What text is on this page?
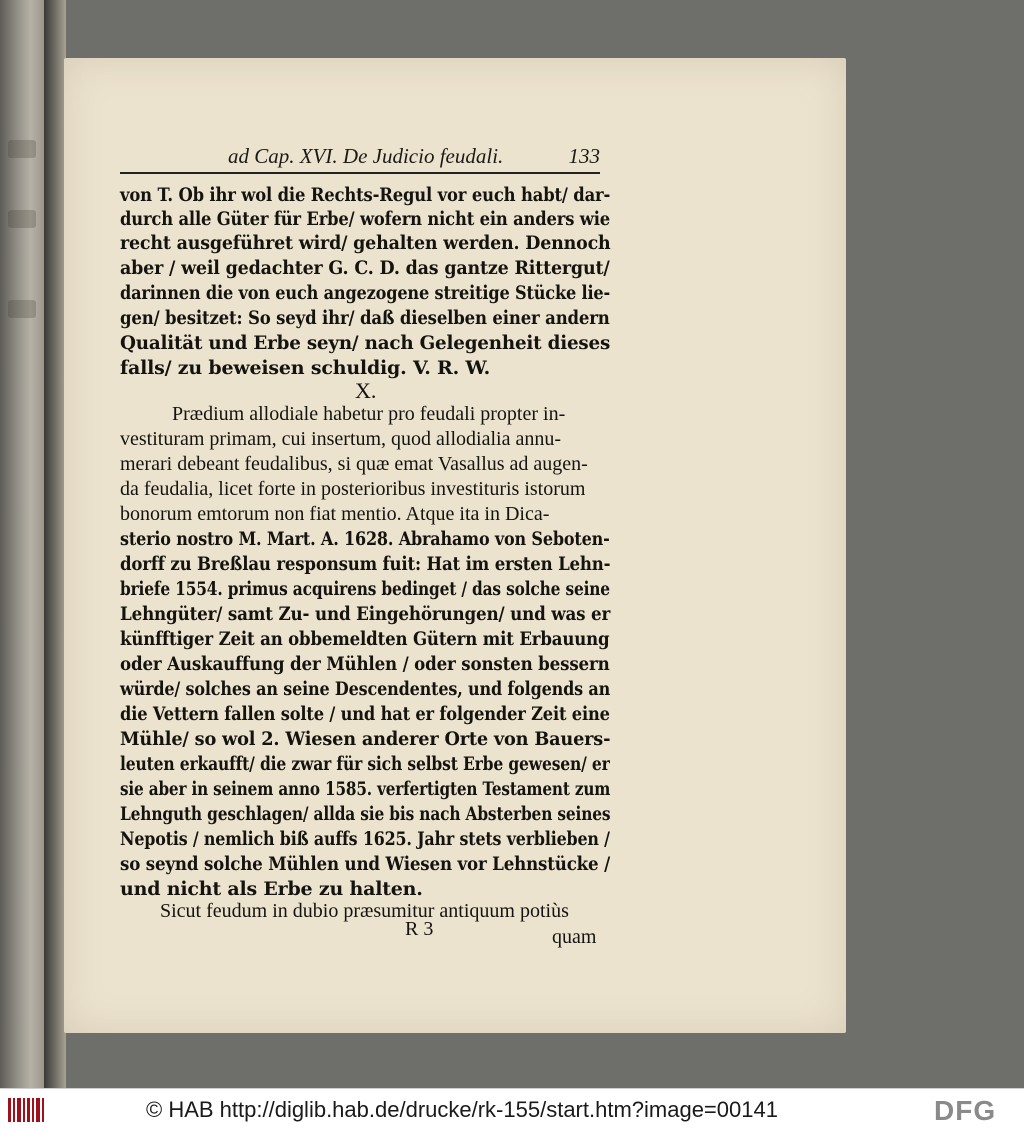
ad Cap. XVI. De Judicio feudali.	133
von T. Ob ihr wol die Rechts-Regul vor euch habt/ dar-
durch alle Güter für Erbe/ wofern nicht ein anders wie
recht ausgeführet wird/ gehalten werden. Dennoch
aber / weil gedachter G. C. D. das gantze Rittergut/
darinnen die von euch angezogene streitige Stücke lie-
gen/ besitzet: So seyd ihr/ daß dieselben einer andern
Qualität und Erbe seyn/ nach Gelegenheit dieses
falls/ zu beweisen schuldig. V. R. W.
Prædium allodiale habetur pro feudali propter in-
vestituram primam, cui insertum, quod allodialia annu-
merari debeant feudalibus, si quæ emat Vasallus ad augen-
da feudalia, licet forte in posterioribus investituris istorum
bonorum emtorum non fiat mentio. Atque ita in Dica-
sterio nostro M. Mart. A. 1628. Abrahamo von Seboten-
dorff zu Breßlau responsum fuit: Hat im ersten Lehn-
briefe 1554. primus acquirens bedinget / das solche seine
Lehngüter/ samt Zu- und Eingehörungen/ und was er
künfftiger Zeit an obbemeldten Gütern mit Erbauung
oder Auskauffung der Mühlen / oder sonsten bessern
würde/ solches an seine Descendentes, und folgends an
die Vettern fallen solte / und hat er folgender Zeit eine
Mühle/ so wol 2. Wiesen anderer Orte von Bauers-
leuten erkaufft/ die zwar für sich selbst Erbe gewesen/ er
sie aber in seinem anno 1585. verfertigten Testament zum
Lehnguth geschlagen/ allda sie bis nach Absterben seines
Nepotis / nemlich biß auffs 1625. Jahr stets verblieben /
so seynd solche Mühlen und Wiesen vor Lehnstücke /
und nicht als Erbe zu halten.
Sicut feudum in dubio præsumitur antiquum potiùs
X.
R 3	quam
© HAB http://diglib.hab.de/drucke/rk-155/start.htm?image=00141	DFG
